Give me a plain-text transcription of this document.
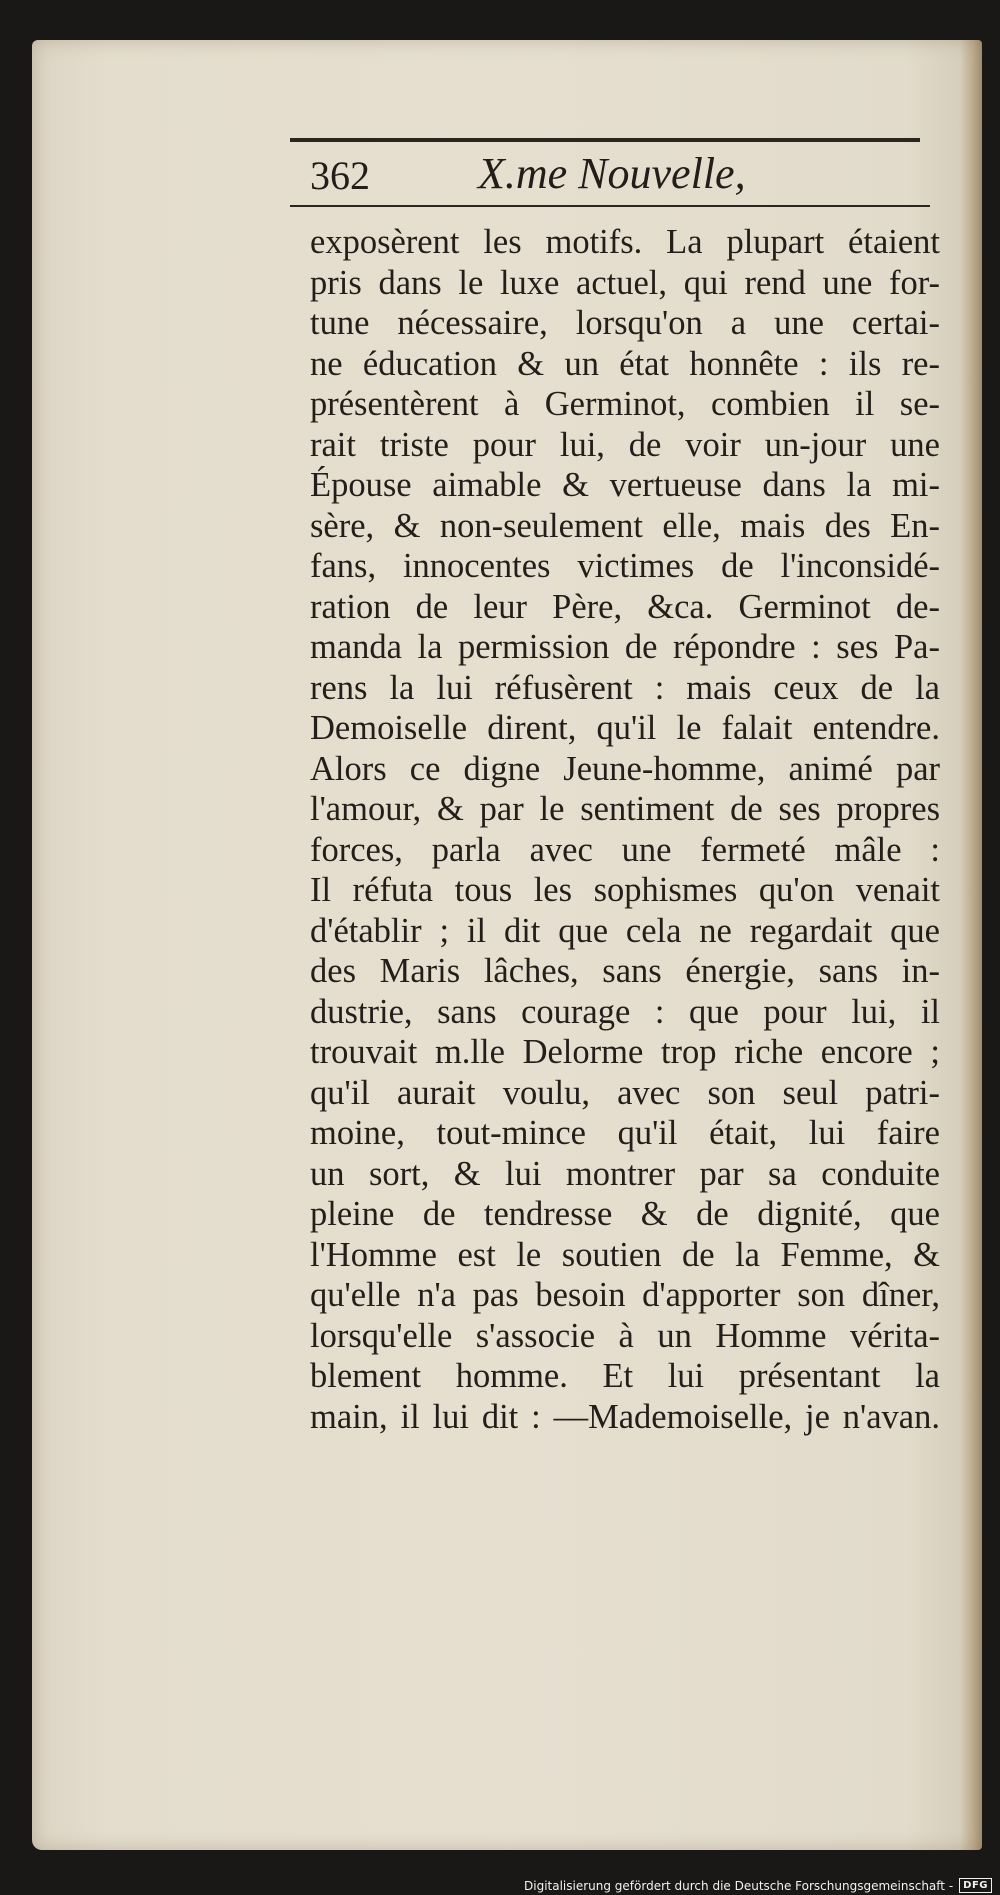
362 X.me Nouvelle,
exposèrent les motifs. La plupart étaient
pris dans le luxe actuel, qui rend une for-
tune nécessaire, lorsqu'on a une certai-
ne éducation & un état honnête : ils re-
présentèrent à Germinot, combien il se-
rait triste pour lui, de voir un-jour une
Épouse aimable & vertueuse dans la mi-
sère, & non-seulement elle, mais des En-
fans, innocentes victimes de l'inconsidé-
ration de leur Père, &ca. Germinot de-
manda la permission de répondre : ses Pa-
rens la lui réfusèrent : mais ceux de la
Demoiselle dirent, qu'il le falait entendre.
Alors ce digne Jeune-homme, animé par
l'amour, & par le sentiment de ses propres
forces, parla avec une fermeté mâle :
Il réfuta tous les sophismes qu'on venait
d'établir ; il dit que cela ne regardait que
des Maris lâches, sans énergie, sans in-
dustrie, sans courage : que pour lui, il
trouvait m.lle Delorme trop riche encore ;
qu'il aurait voulu, avec son seul patri-
moine, tout-mince qu'il était, lui faire
un sort, & lui montrer par sa conduite
pleine de tendresse & de dignité, que
l'Homme est le soutien de la Femme, &
qu'elle n'a pas besoin d'apporter son dîner,
lorsqu'elle s'associe à un Homme vérita-
blement homme. Et lui présentant la
main, il lui dit : —Mademoiselle, je n'avan.
Digitalisierung gefördert durch die Deutsche Forschungsgemeinschaft -	DFG
